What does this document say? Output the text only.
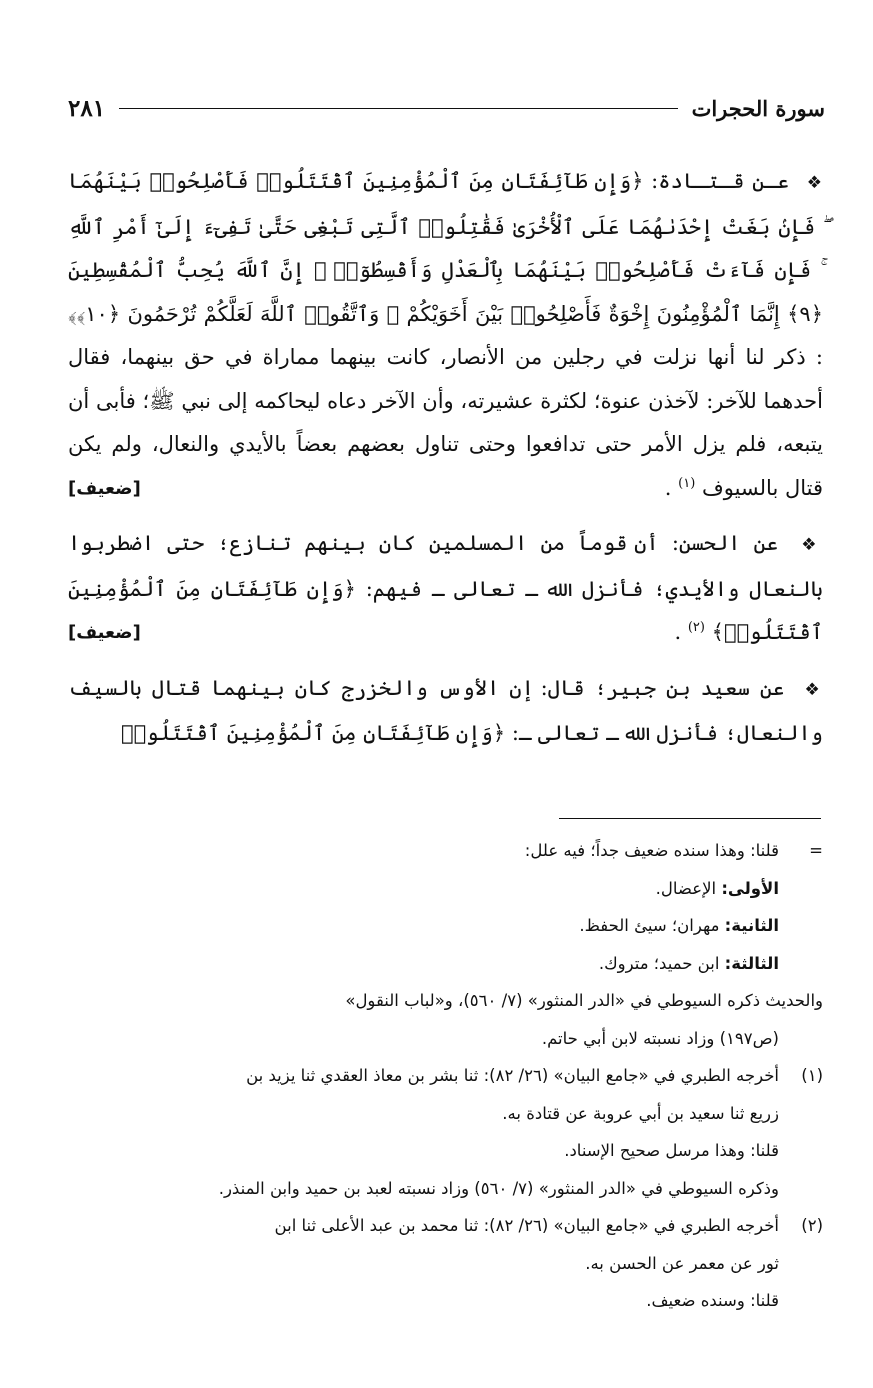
سورة الحجرات
٢٨١

❖ عـن قـتـادة: ﴿وَإِن طَآئِفَتَانِ مِنَ ٱلْمُؤْمِنِينَ ٱقْتَتَلُوا۟ فَأَصْلِحُوا۟ بَيْنَهُمَا ۖ فَإِنۢ بَغَتْ إِحْدَىٰهُمَا عَلَى ٱلْأُخْرَىٰ فَقَٰتِلُوا۟ ٱلَّتِى تَبْغِى حَتَّىٰ تَفِىٓءَ إِلَىٰٓ أَمْرِ ٱللَّهِ ۚ فَإِن فَآءَتْ فَأَصْلِحُوا۟ بَيْنَهُمَا بِٱلْعَدْلِ وَأَقْسِطُوٓا۟ ۖ إِنَّ ٱللَّهَ يُحِبُّ ٱلْمُقْسِطِينَ ﴿٩﴾ إِنَّمَا ٱلْمُؤْمِنُونَ إِخْوَةٌ فَأَصْلِحُوا۟ بَيْنَ أَخَوَيْكُمْ ۚ وَٱتَّقُوا۟ ٱللَّهَ لَعَلَّكُمْ تُرْحَمُونَ ﴿١٠﴾﴾ : ذكر لنا أنها نزلت في رجلين من الأنصار، كانت بينهما مماراة في حق بينهما، فقال أحدهما للآخر: لآخذن عنوة؛ لكثرة عشيرته، وأن الآخر دعاه ليحاكمه إلى نبي ﷺ؛ فأبى أن يتبعه، فلم يزل الأمر حتى تدافعوا وحتى تناول بعضهم بعضاً بالأيدي والنعال، ولم يكن قتال بالسيوف $^{(١)}$ .
[ضعيف]

❖ عن الحسن: أن قوماً من المسلمين كان بينهم تنازع؛ حتى اضطربوا بالنعال والأيدي؛ فأنزل الله ـ تعالى ـ فيهم: ﴿وَإِن طَآئِفَتَانِ مِنَ ٱلْمُؤْمِنِينَ ٱقْتَتَلُوا۟﴾ $^{(٢)}$ .
[ضعيف]

❖ عن سعيد بن جبير؛ قال: إن الأوس والخزرج كان بينهما قتال بالسيف والنعال؛ فأنزل الله ـ تعالى ـ: ﴿وَإِن طَآئِفَتَانِ مِنَ ٱلْمُؤْمِنِينَ ٱقْتَتَلُوا۟

=قلنا: وهذا سنده ضعيف جداً؛ فيه علل:
الأولى: الإعضال.
الثانية: مهران؛ سيئ الحفظ.
الثالثة: ابن حميد؛ متروك.
والحديث ذكره السيوطي في «الدر المنثور» (٧/ ٥٦٠)، و«لباب النقول»
(ص١٩٧) وزاد نسبته لابن أبي حاتم.
(١)أخرجه الطبري في «جامع البيان» (٢٦/ ٨٢): ثنا بشر بن معاذ العقدي ثنا يزيد بن
زريع ثنا سعيد بن أبي عروبة عن قتادة به.
قلنا: وهذا مرسل صحيح الإسناد.
وذكره السيوطي في «الدر المنثور» (٧/ ٥٦٠) وزاد نسبته لعبد بن حميد وابن المنذر.
(٢)أخرجه الطبري في «جامع البيان» (٢٦/ ٨٢): ثنا محمد بن عبد الأعلى ثنا ابن
ثور عن معمر عن الحسن به.
قلنا: وسنده ضعيف.
